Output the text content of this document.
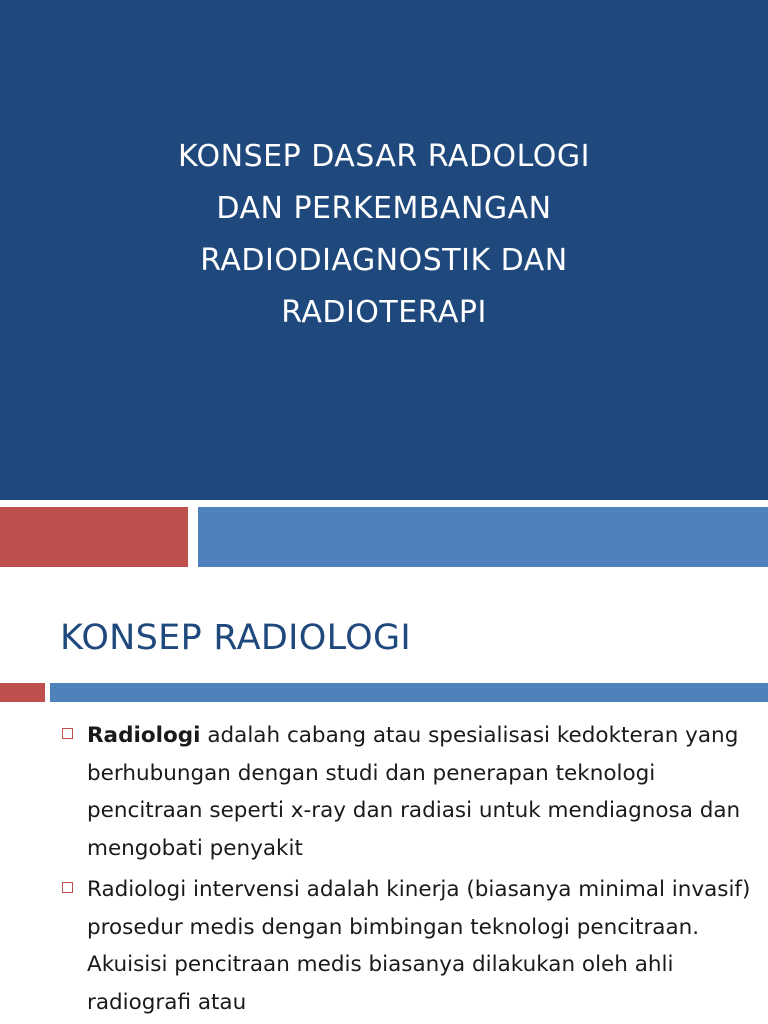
KONSEP DASAR RADOLOGI
DAN PERKEMBANGAN
RADIODIAGNOSTIK DAN
RADIOTERAPI
KONSEP RADIOLOGI
Radiologi adalah cabang atau spesialisasi kedokteran yang berhubungan dengan studi dan penerapan teknologi pencitraan seperti x-ray dan radiasi untuk mendiagnosa dan mengobati penyakit
Radiologi intervensi adalah kinerja (biasanya minimal invasif) prosedur medis dengan bimbingan teknologi pencitraan. Akuisisi pencitraan medis biasanya dilakukan oleh ahli radiografi atau
